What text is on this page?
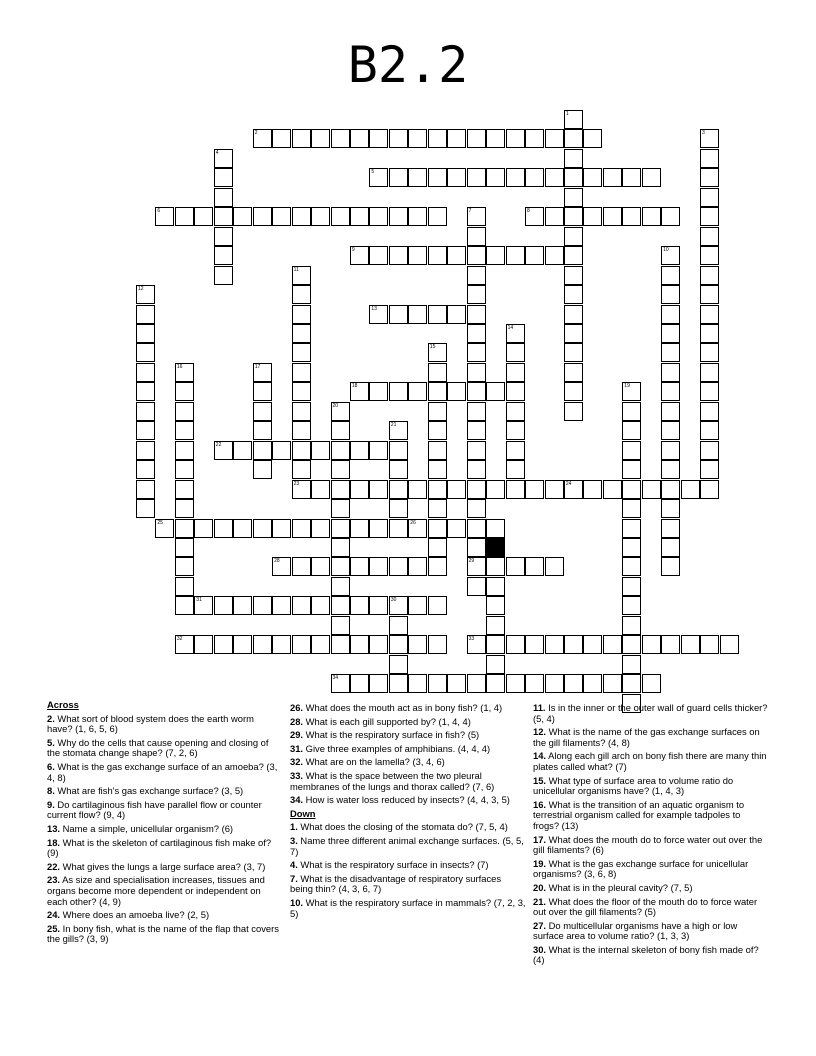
B2.2
2
5
6	8
9
13
18
22
23	24
25	26
28	29
31	30
32	33
34
1
3
4
7
10
11
12
14
15
16	17
19
20
21
27
Across
2. What sort of blood system does the earth worm have? (1, 6, 5, 6)
5. Why do the cells that cause opening and closing of the stomata change shape? (7, 2, 6)
6. What is the gas exchange surface of an amoeba? (3, 4, 8)
8. What are fish's gas exchange surface? (3, 5)
9. Do cartilaginous fish have parallel flow or counter current flow? (9, 4)
13. Name a simple, unicellular organism? (6)
18. What is the skeleton of cartilaginous fish make of? (9)
22. What gives the lungs a large surface area? (3, 7)
23. As size and specialisation increases, tissues and organs become more dependent or independent on each other? (4, 9)
24. Where does an amoeba live? (2, 5)
25. In bony fish, what is the name of the flap that covers the gills? (3, 9)
26. What does the mouth act as in bony fish? (1, 4)
28. What is each gill supported by? (1, 4, 4)
29. What is the respiratory surface in fish? (5)
31. Give three examples of amphibians. (4, 4, 4)
32. What are on the lamella? (3, 4, 6)
33. What is the space between the two pleural membranes of the lungs and thorax called? (7, 6)
34. How is water loss reduced by insects? (4, 4, 3, 5)
Down
1. What does the closing of the stomata do? (7, 5, 4)
3. Name three different animal exchange surfaces. (5, 5, 7)
4. What is the respiratory surface in insects? (7)
7. What is the disadvantage of respiratory surfaces being thin? (4, 3, 6, 7)
10. What is the respiratory surface in mammals? (7, 2, 3, 5)
11. Is in the inner or the outer wall of guard cells thicker? (5, 4)
12. What is the name of the gas exchange surfaces on the gill filaments? (4, 8)
14. Along each gill arch on bony fish there are many thin plates called what? (7)
15. What type of surface area to volume ratio do unicellular organisms have? (1, 4, 3)
16. What is the transition of an aquatic organism to terrestrial organism called for example tadpoles to frogs? (13)
17. What does the mouth do to force water out over the gill filaments? (6)
19. What is the gas exchange surface for unicellular organisms? (3, 6, 8)
20. What is in the pleural cavity? (7, 5)
21. What does the floor of the mouth do to force water out over the gill filaments? (5)
27. Do multicellular organisms have a high or low surface area to volume ratio? (1, 3, 3)
30. What is the internal skeleton of bony fish made of? (4)
